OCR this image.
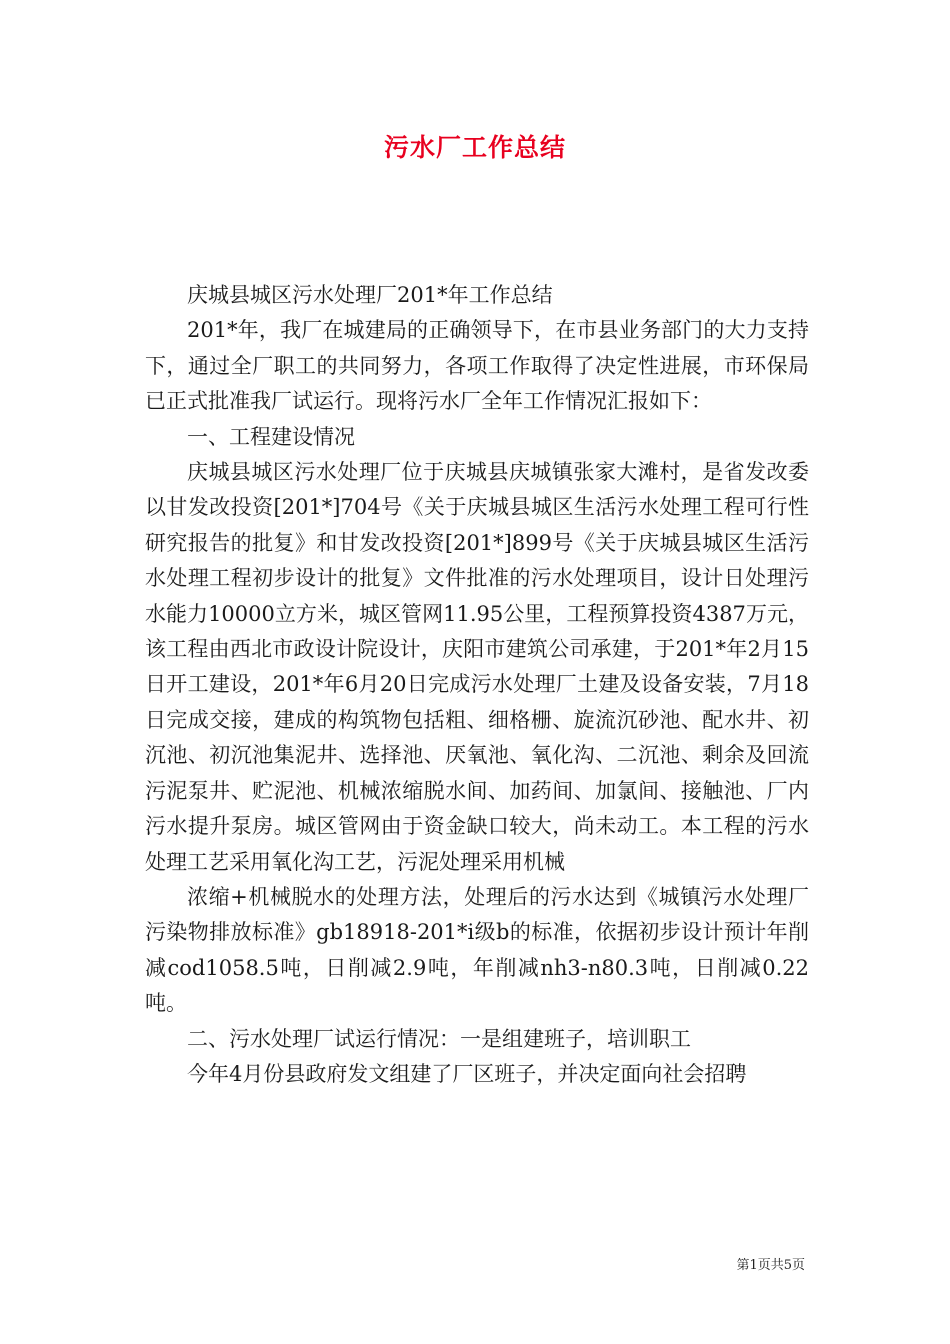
污水厂工作总结

庆城县城区污水处理厂201*年工作总结

201*年，我厂在城建局的正确领导下，在市县业务部门的大力支持下，通过全厂职工的共同努力，各项工作取得了决定性进展，市环保局已正式批准我厂试运行。现将污水厂全年工作情况汇报如下：

一、工程建设情况

庆城县城区污水处理厂位于庆城县庆城镇张家大滩村，是省发改委以甘发改投资[201*]704号《关于庆城县城区生活污水处理工程可行性研究报告的批复》和甘发改投资[201*]899号《关于庆城县城区生活污水处理工程初步设计的批复》文件批准的污水处理项目，设计日处理污水能力10000立方米，城区管网11.95公里，工程预算投资4387万元，该工程由西北市政设计院设计，庆阳市建筑公司承建，于201*年2月15日开工建设，201*年6月20日完成污水处理厂土建及设备安装，7月18日完成交接，建成的构筑物包括粗、细格栅、旋流沉砂池、配水井、初沉池、初沉池集泥井、选择池、厌氧池、氧化沟、二沉池、剩余及回流污泥泵井、贮泥池、机械浓缩脱水间、加药间、加氯间、接触池、厂内污水提升泵房。城区管网由于资金缺口较大，尚未动工。本工程的污水处理工艺采用氧化沟工艺，污泥处理采用机械

浓缩+机械脱水的处理方法，处理后的污水达到《城镇污水处理厂污染物排放标准》gb18918-201*i级b的标准，依据初步设计预计年削减cod1058.5吨，日削减2.9吨，年削减nh3-n80.3吨，日削减0.22吨。

二、污水处理厂试运行情况：一是组建班子，培训职工

今年4月份县政府发文组建了厂区班子，并决定面向社会招聘

第1页共5页
